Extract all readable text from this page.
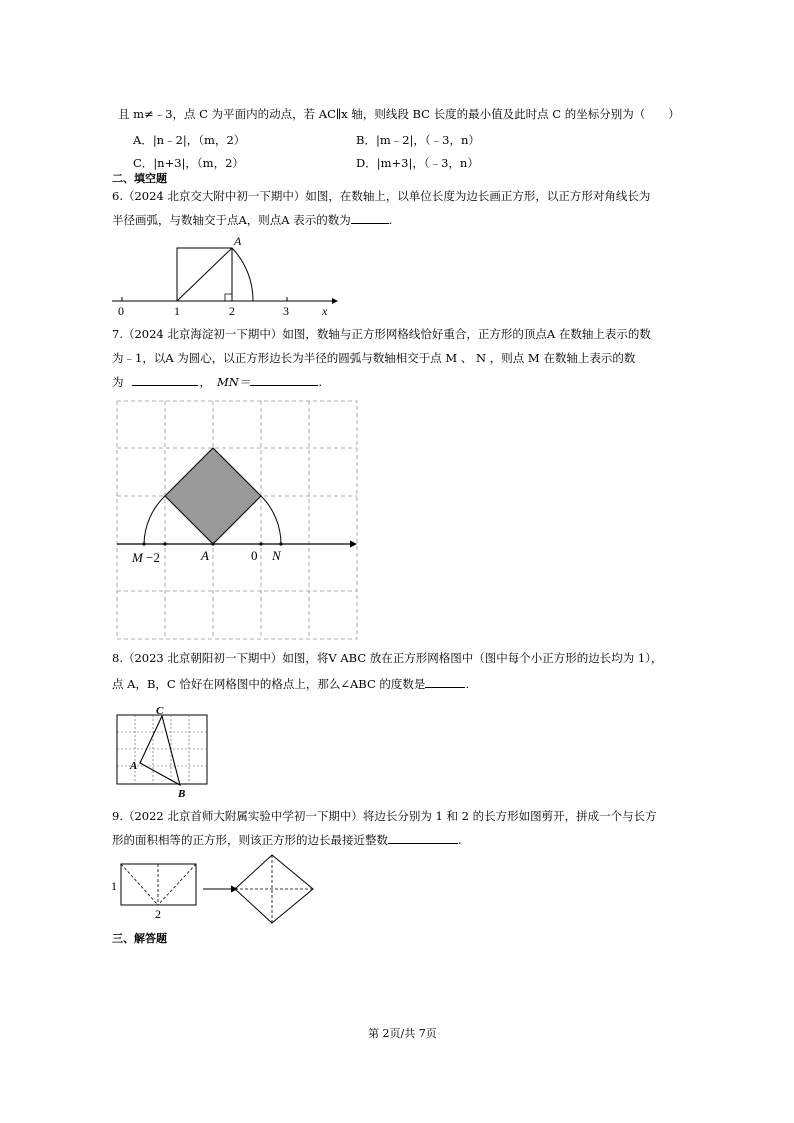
且 m≠﹣3，点 C 为平面内的动点，若 AC∥x 轴，则线段 BC 长度的最小值及此时点 C 的坐标分别为（　　）
A．|n﹣2|，（m，2）	B．|m﹣2|，（﹣3，n）
C．|n+3|，（m，2）	D．|m+3|，（﹣3，n）
二、填空题
6.（2024 北京交大附中初一下期中）如图，在数轴上，以单位长度为边长画正方形，以正方形对角线长为
半径画弧，与数轴交于点A，则点A 表示的数为	.
A
0	1	2	3	x
7.（2024 北京海淀初一下期中）如图，数轴与正方形网格线恰好重合，正方形的顶点A 在数轴上表示的数
为﹣1，以A 为圆心，以正方形边长为半径的圆弧与数轴相交于点 M 、 N ，则点 M 在数轴上表示的数
为	， MN＝	.
M −2	A	0 N
8.（2023 北京朝阳初一下期中）如图，将V ABC 放在正方形网格图中（图中每个小正方形的边长均为 1），
点 A，B，C 恰好在网格图中的格点上，那么∠ABC 的度数是	.
C
A
B
9.（2022 北京首师大附属实验中学初一下期中）将边长分别为 1 和 2 的长方形如图剪开，拼成一个与长方
形的面积相等的正方形，则该正方形的边长最接近整数	.
1
2
三、解答题
第 2页/共 7页
